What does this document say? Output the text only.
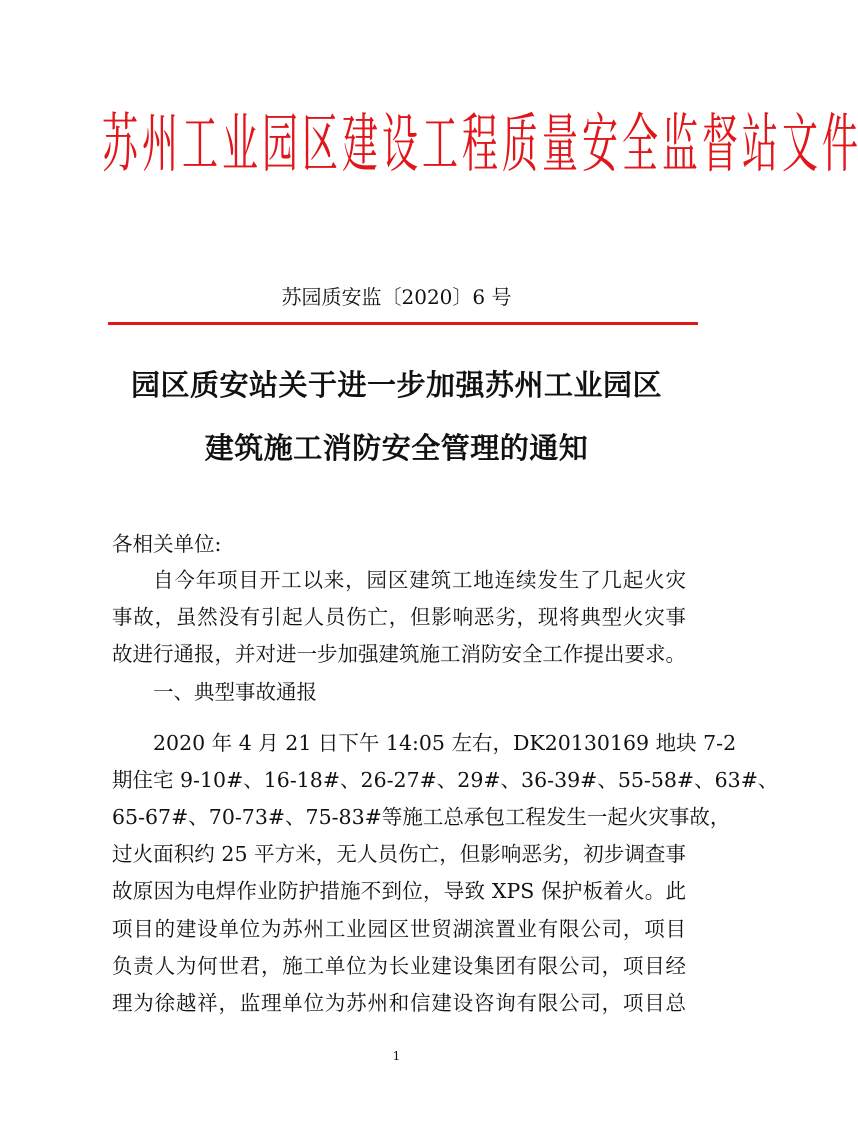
苏 州 工 业 园 区 建 设 工 程 质 量 安 全 监 督 站 文 件
苏园质安监〔2020〕6 号
园区质安站关于进一步加强苏州工业园区
建筑施工消防安全管理的通知
各相关单位:
自今年项目开工以来，园区建筑工地连续发生了几起火灾
事故，虽然没有引起人员伤亡，但影响恶劣，现将典型火灾事
故进行通报，并对进一步加强建筑施工消防安全工作提出要求。
一、典型事故通报
2020 年 4 月 21 日下午 14:05 左右，DK20130169 地块 7-2
期住宅 9-10#、16-18#、26-27#、29#、36-39#、55-58#、63#、
65-67#、70-73#、75-83#等施工总承包工程发生一起火灾事故，
过火面积约 25 平方米，无人员伤亡，但影响恶劣，初步调查事
故原因为电焊作业防护措施不到位，导致 XPS 保护板着火。此
项目的建设单位为苏州工业园区世贸湖滨置业有限公司，项目
负责人为何世君，施工单位为长业建设集团有限公司，项目经
理为徐越祥，监理单位为苏州和信建设咨询有限公司，项目总
1
